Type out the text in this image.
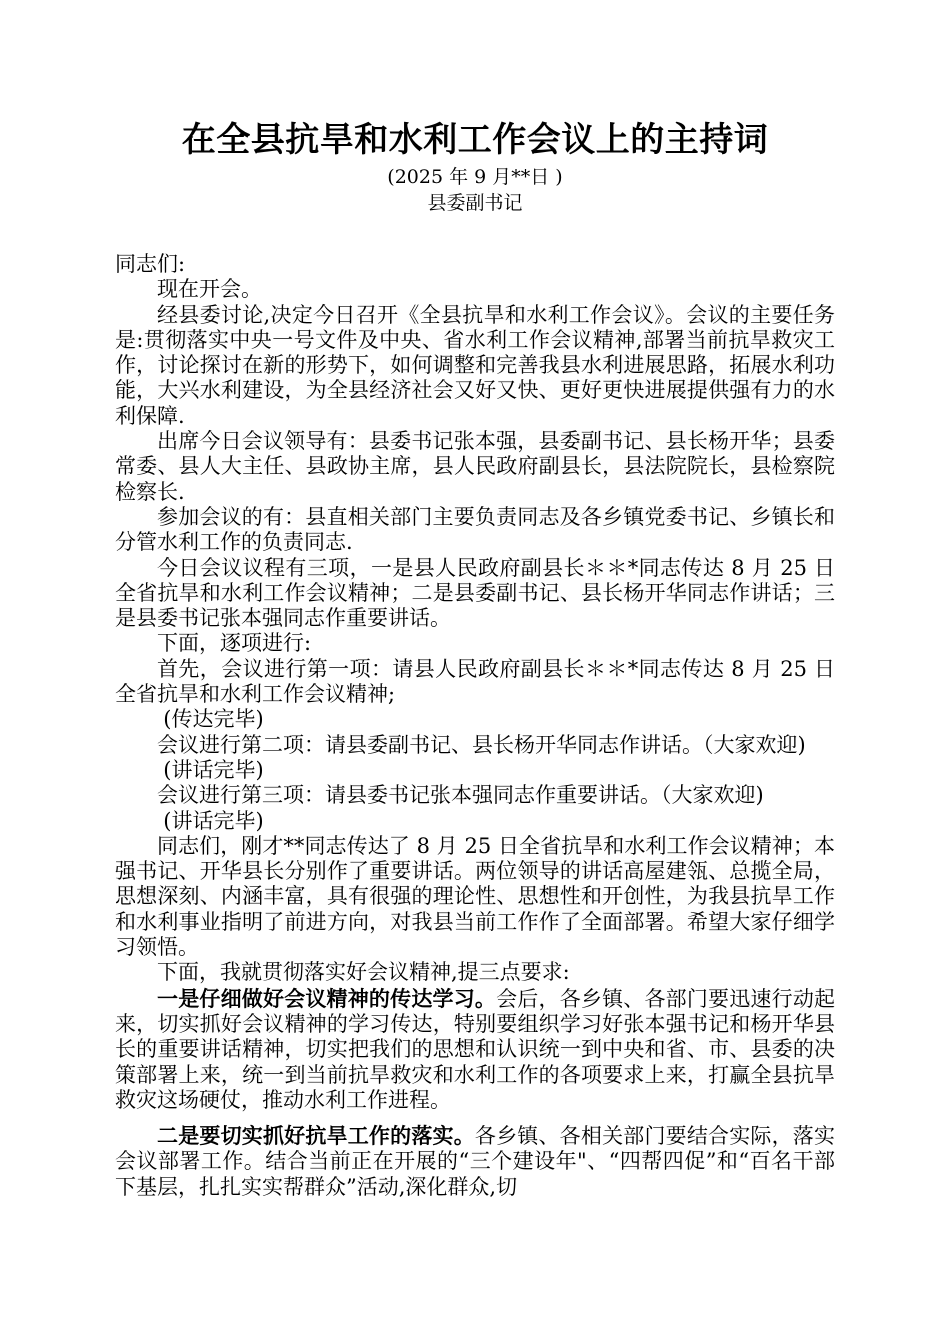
在全县抗旱和水利工作会议上的主持词

(2025 年 9 月**日 )

县委副书记

同志们:

现在开会。

经县委讨论,决定今日召开《全县抗旱和水利工作会议》。会议的主要任务是:贯彻落实中央一号文件及中央、省水利工作会议精神,部署当前抗旱救灾工作，讨论探讨在新的形势下，如何调整和完善我县水利进展思路，拓展水利功能，大兴水利建设，为全县经济社会又好又快、更好更快进展提供强有力的水利保障.

出席今日会议领导有：县委书记张本强，县委副书记、县长杨开华；县委常委、县人大主任、县政协主席，县人民政府副县长，县法院院长，县检察院检察长.

参加会议的有：县直相关部门主要负责同志及各乡镇党委书记、乡镇长和分管水利工作的负责同志.

今日会议议程有三项，一是县人民政府副县长＊＊*同志传达 8 月 25 日全省抗旱和水利工作会议精神；二是县委副书记、县长杨开华同志作讲话；三是县委书记张本强同志作重要讲话。

下面，逐项进行:

首先，会议进行第一项：请县人民政府副县长＊＊*同志传达 8 月 25 日全省抗旱和水利工作会议精神;

(传达完毕)

会议进行第二项：请县委副书记、县长杨开华同志作讲话。（大家欢迎)

(讲话完毕)

会议进行第三项：请县委书记张本强同志作重要讲话。（大家欢迎)

(讲话完毕)

同志们，刚才**同志传达了 8 月 25 日全省抗旱和水利工作会议精神；本强书记、开华县长分别作了重要讲话。两位领导的讲话高屋建瓴、总揽全局，思想深刻、内涵丰富，具有很强的理论性、思想性和开创性，为我县抗旱工作和水利事业指明了前进方向，对我县当前工作作了全面部署。希望大家仔细学习领悟。

下面，我就贯彻落实好会议精神,提三点要求:

一是仔细做好会议精神的传达学习。会后，各乡镇、各部门要迅速行动起来，切实抓好会议精神的学习传达，特别要组织学习好张本强书记和杨开华县长的重要讲话精神，切实把我们的思想和认识统一到中央和省、市、县委的决策部署上来，统一到当前抗旱救灾和水利工作的各项要求上来，打赢全县抗旱救灾这场硬仗，推动水利工作进程。

二是要切实抓好抗旱工作的落实。各乡镇、各相关部门要结合实际，落实会议部署工作。结合当前正在开展的“三个建设年"、“四帮四促”和“百名干部下基层，扎扎实实帮群众”活动,深化群众,切
